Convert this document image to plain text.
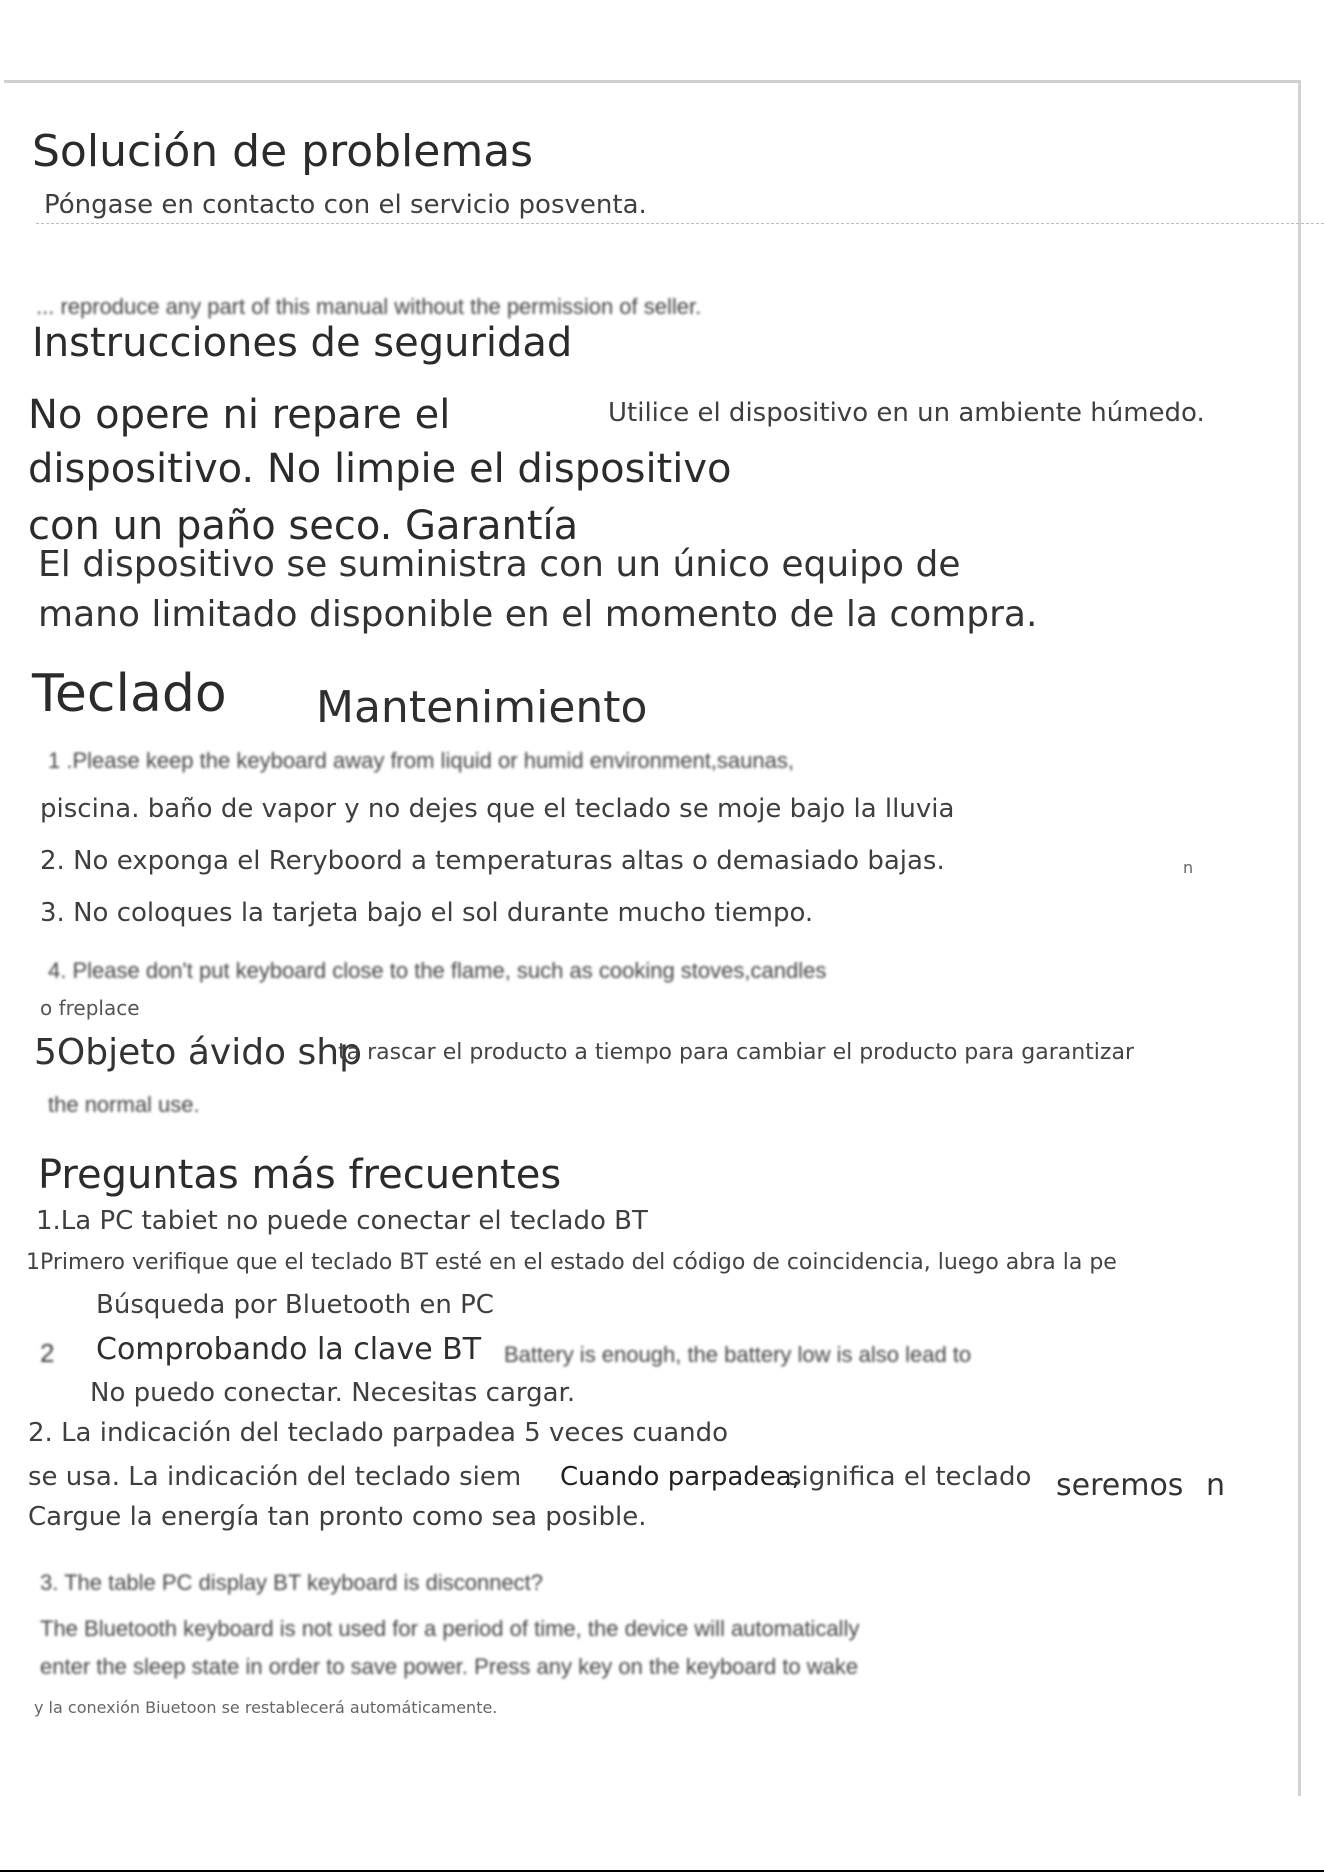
Solución de problemas
Póngase en contacto con el servicio posventa.
... reproduce any part of this manual without the permission of seller.
Instrucciones de seguridad
No opere ni repare el	Utilice el dispositivo en un ambiente húmedo.
dispositivo. No limpie el dispositivo
con un paño seco. Garantía
El dispositivo se suministra con un único equipo de
mano limitado disponible en el momento de la compra.
Teclado Mantenimiento
1 .Please keep the keyboard away from liquid or humid environment,saunas,
piscina. baño de vapor y no dejes que el teclado se moje bajo la lluvia
2. No exponga el Reryboord a temperaturas altas o demasiado bajas.	n
3. No coloques la tarjeta bajo el sol durante mucho tiempo.
4. Please don't put keyboard close to the flame, such as cooking stoves,candles
o freplace
5Objeto ávido shp
ta rascar el producto a tiempo para cambiar el producto para garantizar
the normal use.
Preguntas más frecuentes
1.La PC tabiet no puede conectar el teclado BT
1Primero verifique que el teclado BT esté en el estado del código de coincidencia, luego abra la pe
Búsqueda por Bluetooth en PC
2 Comprobando la clave BT Battery is enough, the battery low is also lead to
No puedo conectar. Necesitas cargar.
2. La indicación del teclado parpadea 5 veces cuando
se usa. La indicación del teclado siem Cuando parpadea,
significa el teclado seremos n
Cargue la energía tan pronto como sea posible.
3. The table PC display BT keyboard is disconnect?
The Bluetooth keyboard is not used for a period of time, the device will automatically
enter the sleep state in order to save power. Press any key on the keyboard to wake
y la conexión Biuetoon se restablecerá automáticamente.
